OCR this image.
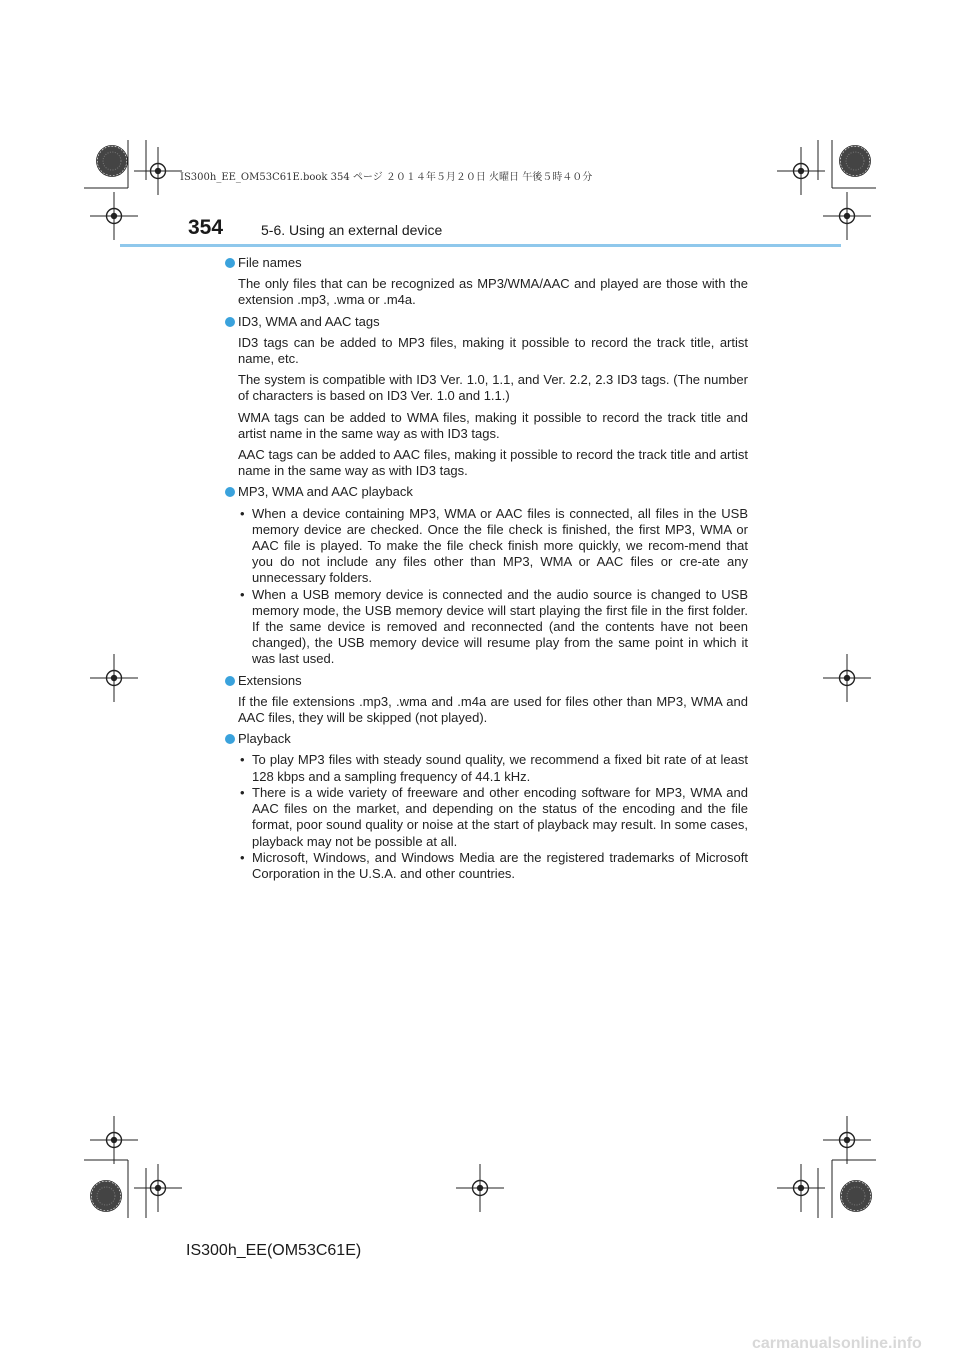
IS300h_EE_OM53C61E.book 354 ページ ２０１４年５月２０日 火曜日 午後５時４０分
354	5-6. Using an external device
File names
The only files that can be recognized as MP3/WMA/AAC and played are those with the extension .mp3, .wma or .m4a.
ID3, WMA and AAC tags
ID3 tags can be added to MP3 files, making it possible to record the track title, artist name, etc.
The system is compatible with ID3 Ver. 1.0, 1.1, and Ver. 2.2, 2.3 ID3 tags. (The number of characters is based on ID3 Ver. 1.0 and 1.1.)
WMA tags can be added to WMA files, making it possible to record the track title and artist name in the same way as with ID3 tags.
AAC tags can be added to AAC files, making it possible to record the track title and artist name in the same way as with ID3 tags.
MP3, WMA and AAC playback
• When a device containing MP3, WMA or AAC files is connected, all files in the USB memory device are checked. Once the file check is finished, the first MP3, WMA or AAC file is played. To make the file check finish more quickly, we recom-mend that you do not include any files other than MP3, WMA or AAC files or cre-ate any unnecessary folders.
• When a USB memory device is connected and the audio source is changed to USB memory mode, the USB memory device will start playing the first file in the first folder. If the same device is removed and reconnected (and the contents have not been changed), the USB memory device will resume play from the same point in which it was last used.
Extensions
If the file extensions .mp3, .wma and .m4a are used for files other than MP3, WMA and AAC files, they will be skipped (not played).
Playback
• To play MP3 files with steady sound quality, we recommend a fixed bit rate of at least 128 kbps and a sampling frequency of 44.1 kHz.
• There is a wide variety of freeware and other encoding software for MP3, WMA and AAC files on the market, and depending on the status of the encoding and the file format, poor sound quality or noise at the start of playback may result. In some cases, playback may not be possible at all.
• Microsoft, Windows, and Windows Media are the registered trademarks of Microsoft Corporation in the U.S.A. and other countries.
IS300h_EE(OM53C61E)
carmanualsonline.info
